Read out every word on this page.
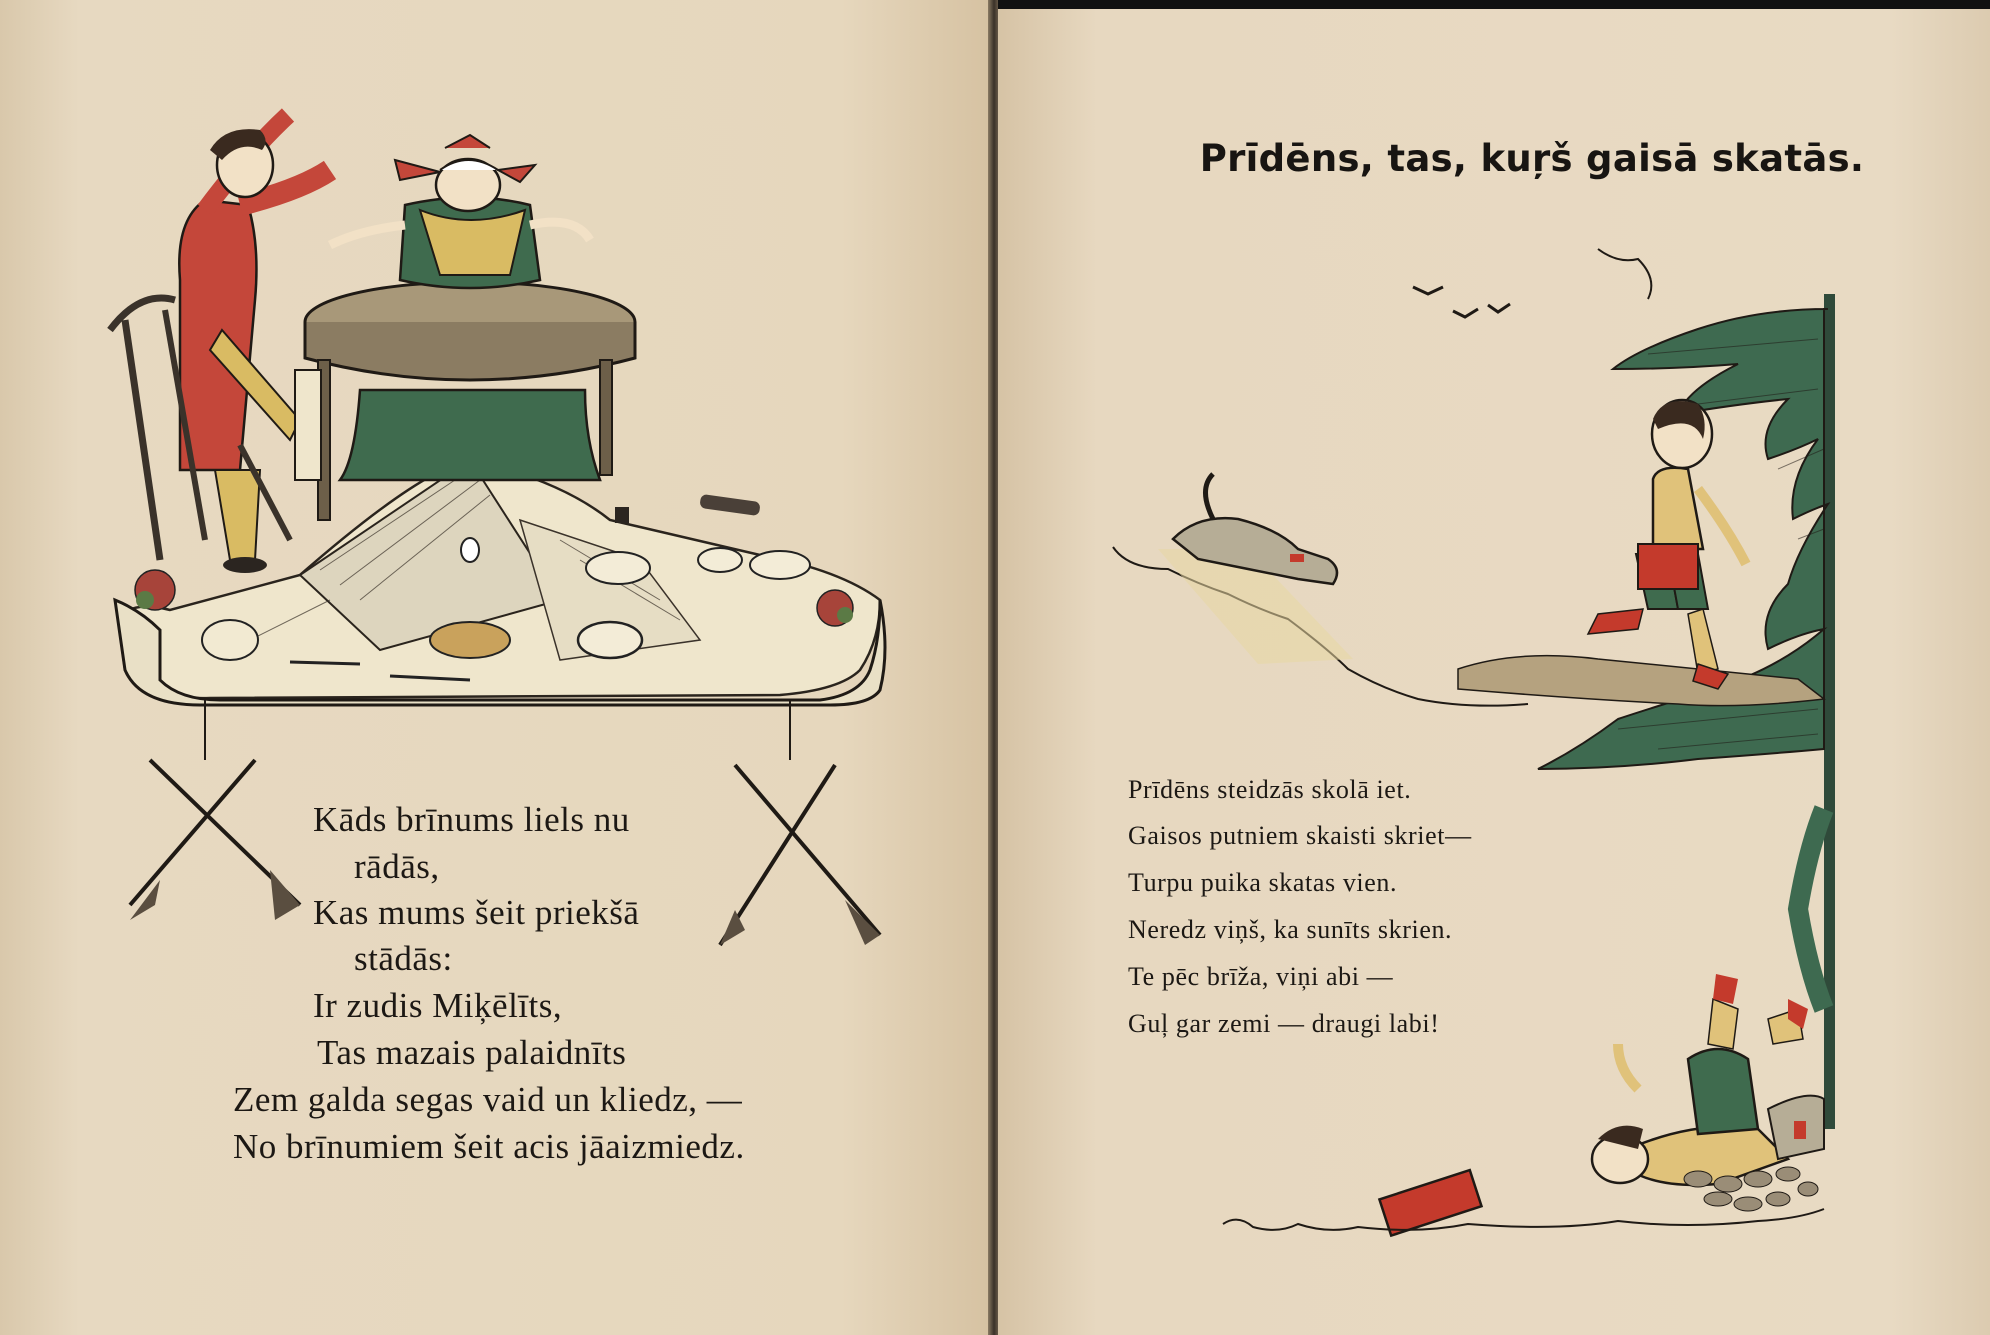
Kāds brīnums liels nu
rādās,
Kas mums šeit priekšā
stādās:
Ir zudis Miķēlīts,
Tas mazais palaidnīts
Zem galda segas vaid un kliedz, —
No brīnumiem šeit acis jāaizmiedz.
Prīdēns, tas, kuŗš gaisā skatās.
Prīdēns steidzās skolā iet.
Gaisos putniem skaisti skriet—
Turpu puika skatas vien.
Neredz viņš, ka sunīts skrien.
Te pēc brīža, viņi abi —
Guļ gar zemi — draugi labi!
